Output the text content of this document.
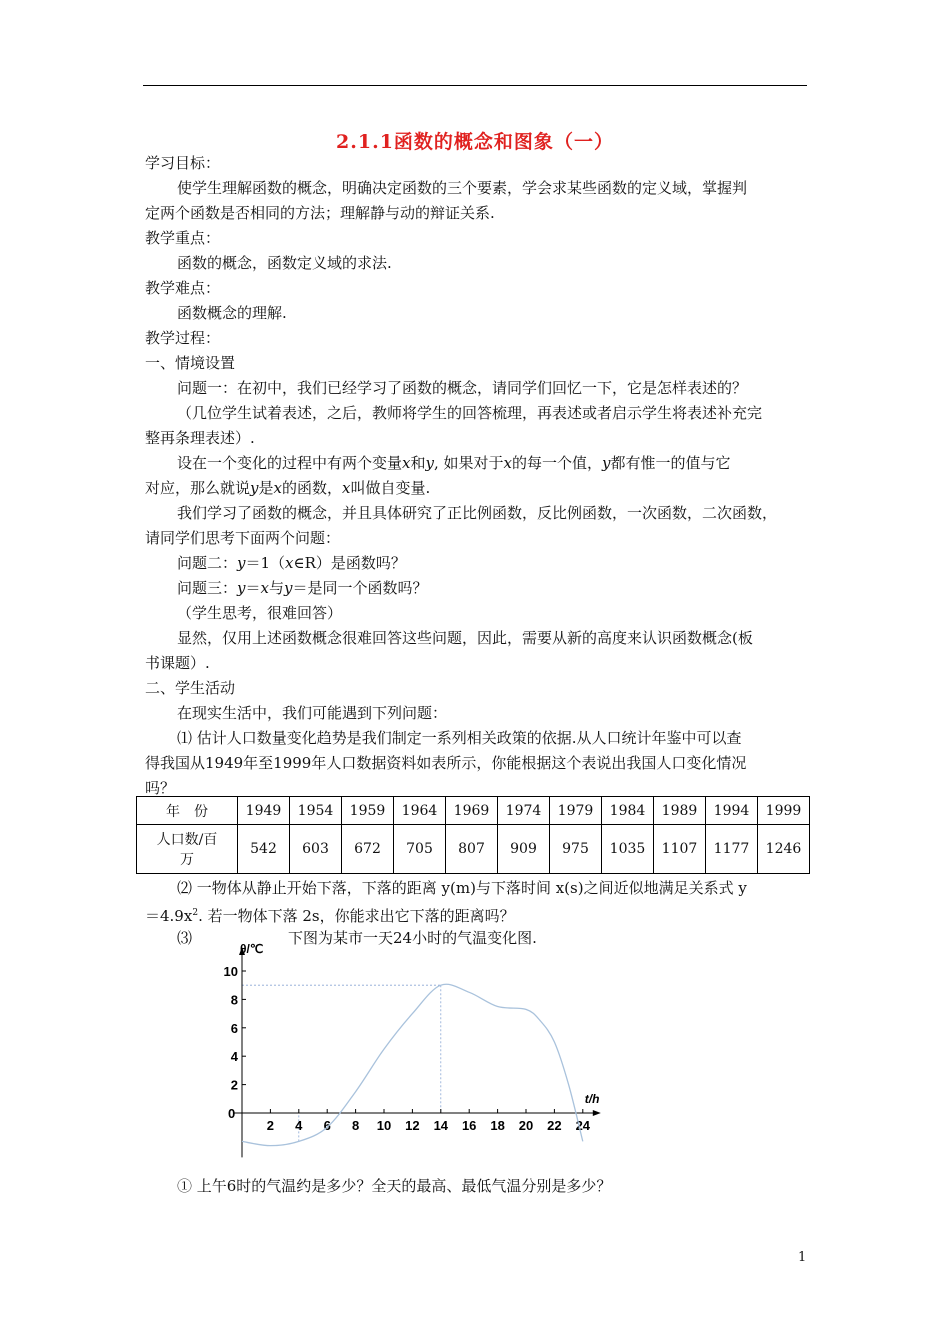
2.1.1函数的概念和图象（一）
学习目标：
使学生理解函数的概念，明确决定函数的三个要素，学会求某些函数的定义域，掌握判
定两个函数是否相同的方法；理解静与动的辩证关系.
教学重点：
函数的概念，函数定义域的求法.
教学难点：
函数概念的理解.
教学过程：
一、情境设置
问题一：在初中，我们已经学习了函数的概念，请同学们回忆一下，它是怎样表述的？
（几位学生试着表述，之后，教师将学生的回答梳理，再表述或者启示学生将表述补充完
整再条理表述）.
设在一个变化的过程中有两个变量x和y, 如果对于x的每一个值，y都有惟一的值与它
对应，那么就说y是x的函数，x叫做自变量.
我们学习了函数的概念，并且具体研究了正比例函数，反比例函数，一次函数，二次函数，
请同学们思考下面两个问题：
问题二：y＝1（x∈R）是函数吗？
问题三：y＝x与y＝是同一个函数吗？
（学生思考，很难回答）
显然，仅用上述函数概念很难回答这些问题，因此，需要从新的高度来认识函数概念(板
书课题）.
二、学生活动
在现实生活中，我们可能遇到下列问题：
⑴ 估计人口数量变化趋势是我们制定一系列相关政策的依据.从人口统计年鉴中可以查
得我国从1949年至1999年人口数据资料如表所示，你能根据这个表说出我国人口变化情况
吗？
年　份	1949	1954	1959	1964	1969	1974	1979	1984	1989	1994	1999
人口数/百
万	542	603	672	705	807	909	975	1035	1107	1177	1246
⑵ 一物体从静止开始下落，下落的距离 y(m)与下落时间 x(s)之间近似地满足关系式 y
$=4.9x^2$. 若一物体下落 2s，你能求出它下落的距离吗？
⑶	下图为某市一天24小时的气温变化图.
2 4 6 8 10 12 14 16 18 20 22 24
2
4
6
8
10
θ/℃
t/h
0
① 上午6时的气温约是多少？全天的最高、最低气温分别是多少？
1
